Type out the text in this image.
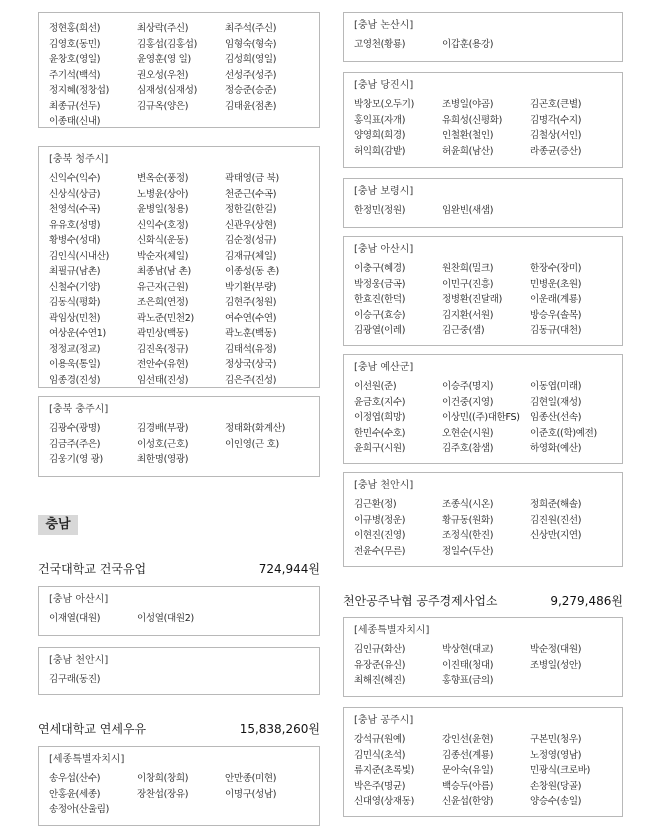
정현홍(희선)	최상락(주신)	최주석(주신)
김영호(동민)	김홍섭(김홍섭)	임형숙(형숙)
윤창호(영일)	윤영훈(영 일)	김성희(영일)
주기석(백석)	권오성(우천)	선성주(성주)
정지혜(정창섭)	심재성(심재성)	정승준(승준)
최종규(선두)	김규옥(양은)	김태윤(점촌)
이종태(신내)
[충북 청주시]
신익수(익수)	변옥순(풍정)	곽태영(금 북)
신상식(상금)	노병윤(상아)	천준근(수곡)
천영석(수곡)	윤병일(청용)	정한길(한길)
유유호(성명)	신익수(호정)	신관우(상현)
황병수(성대)	신화식(운동)	김순정(성규)
김인식(시내산)	박순자(체일)	김재규(체일)
최필규(남촌)	최종남(남 촌)	이종성(동 촌)
신철수(기양)	유근자(근원)	박기환(부량)
김동식(평화)	조은희(연정)	김현주(청원)
곽임상(민천)	곽노준(민천2)	여수연(수연)
여상운(수연1)	곽민상(백동)	곽노훈(백동)
정정교(정교)	김진옥(정규)	김태석(유정)
이용욱(통일)	전안수(유현)	정상국(상국)
임종경(진성)	임선태(진성)	김은주(진성)
[충북 충주시]
김광수(광명)	김경배(부광)	정태화(화계산)
김금주(주은)	이성호(근호)	이인영(근 호)
김웅기(영 광)	최한명(영광)
건국대학교 건국유업	724,944원
[충남 아산시]
이재열(대원)	이성열(대원2)
[충남 천안시]
김구래(동진)
연세대학교 연세우유	15,838,260원
[세종특별자치시]
송우섭(산수)	이창희(창희)	안만종(미현)
안홍윤(세종)	장찬섭(장유)	이명구(성남)
송정아(산울림)
충남
[충남 논산시]
고영천(황룡)	이갑훈(용강)
[충남 당진시]
박창모(오두기)	조병일(야곰)	김곤호(큰별)
홍익표(자개)	유희성(신평화)	김명각(수지)
양영희(희경)	인철환(철인)	김철상(서인)
허익희(감밭)	허윤희(남산)	라종균(증산)
[충남 보령시]
한정민(정원)	임완빈(새샘)
[충남 아산시]
이충구(혜경)	원찬희(밀크)	한장수(장미)
박정웅(금곡)	이민구(진흥)	민병운(초원)
한효진(한덕)	정병환(진달래)	이운래(계룡)
이승구(효승)	김지환(서원)	방승우(솔목)
김광열(이레)	김근중(샘)	김동규(대천)
[충남 예산군]
이선원(준)	이승주(명지)	이동엽(미래)
윤금호(지수)	이건중(지영)	김현일(재성)
이정엽(희망)	이상민((주)대한FS)	임종산(선속)
한민수(수호)	오현순(시원)	이준호((학)예전)
윤희구(시원)	김주호(참샘)	하영화(예산)
[충남 천안시]
김근환(정)	조종식(시온)	정희준(해솔)
이규병(정운)	황규동(원화)	김진원(진선)
이현진(진영)	조정식(한진)	신상만(지연)
전윤수(무른)	정일수(두산)
천안공주낙협 공주경제사업소	9,279,486원
[세종특별자치시]
김인규(화산)	박상현(대교)	박순정(대원)
유장준(유신)	이진태(청대)	조병일(성안)
최해진(해진)	홍향표(금의)
[충남 공주시]
강석규(원예)	강인선(윤현)	구본민(청우)
김민식(초석)	김종선(계룡)	노정영(영남)
류지준(초록빛)	문아숙(유일)	민광식(크로바)
박은주(명균)	백승두(아름)	손창원(당골)
신대영(상재동)	신윤섭(한양)	양승수(송일)
